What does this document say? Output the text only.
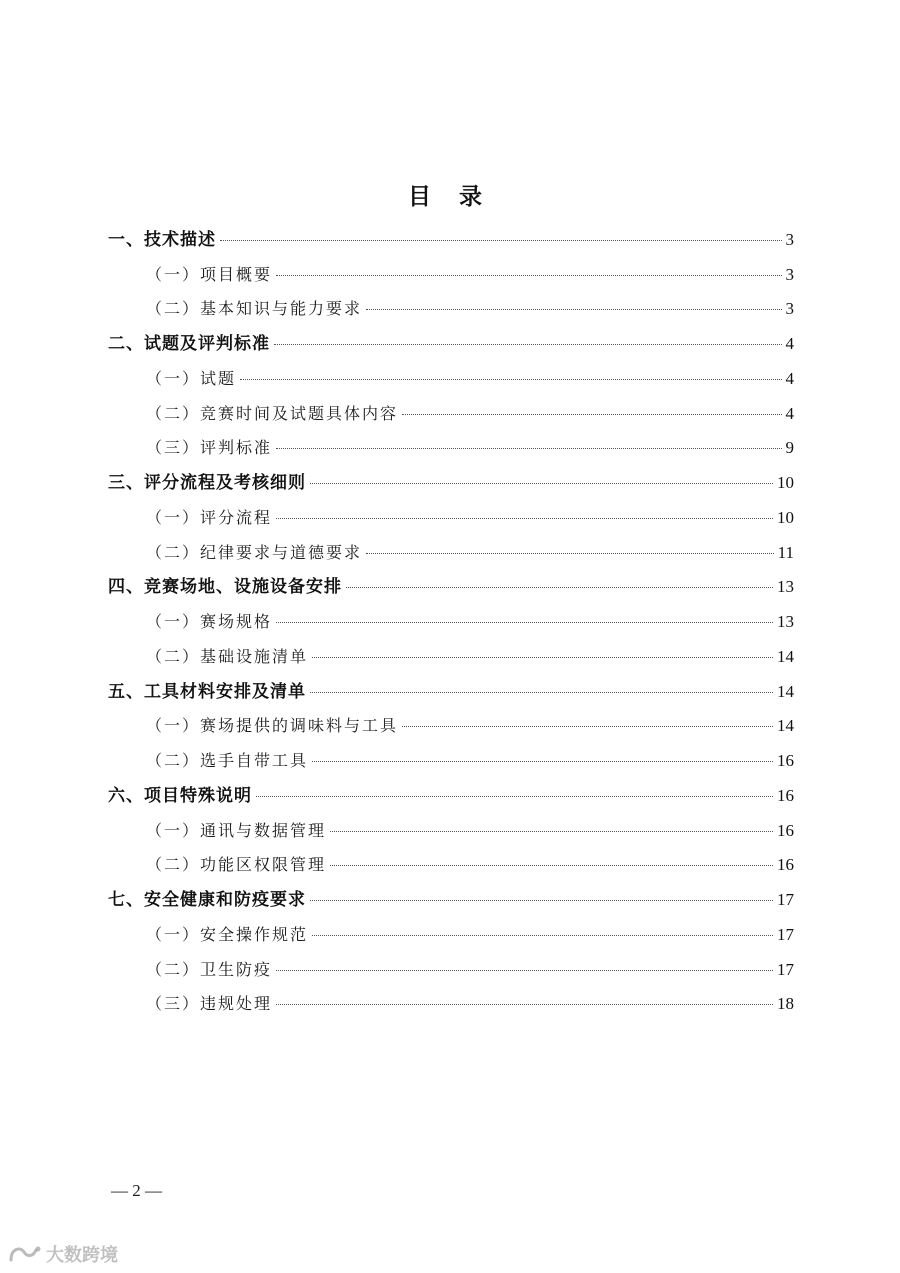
目 录
一、技术描述	3
（一）项目概要	3
（二）基本知识与能力要求	3
二、试题及评判标准	4
（一）试题	4
（二）竞赛时间及试题具体内容	4
（三）评判标准	9
三、评分流程及考核细则	10
（一）评分流程	10
（二）纪律要求与道德要求	11
四、竞赛场地、设施设备安排	13
（一）赛场规格	13
（二）基础设施清单	14
五、工具材料安排及清单	14
（一）赛场提供的调味料与工具	14
（二）选手自带工具	16
六、项目特殊说明	16
（一）通讯与数据管理	16
（二）功能区权限管理	16
七、安全健康和防疫要求	17
（一）安全操作规范	17
（二）卫生防疫	17
（三）违规处理	18
— 2 —
大数跨境
